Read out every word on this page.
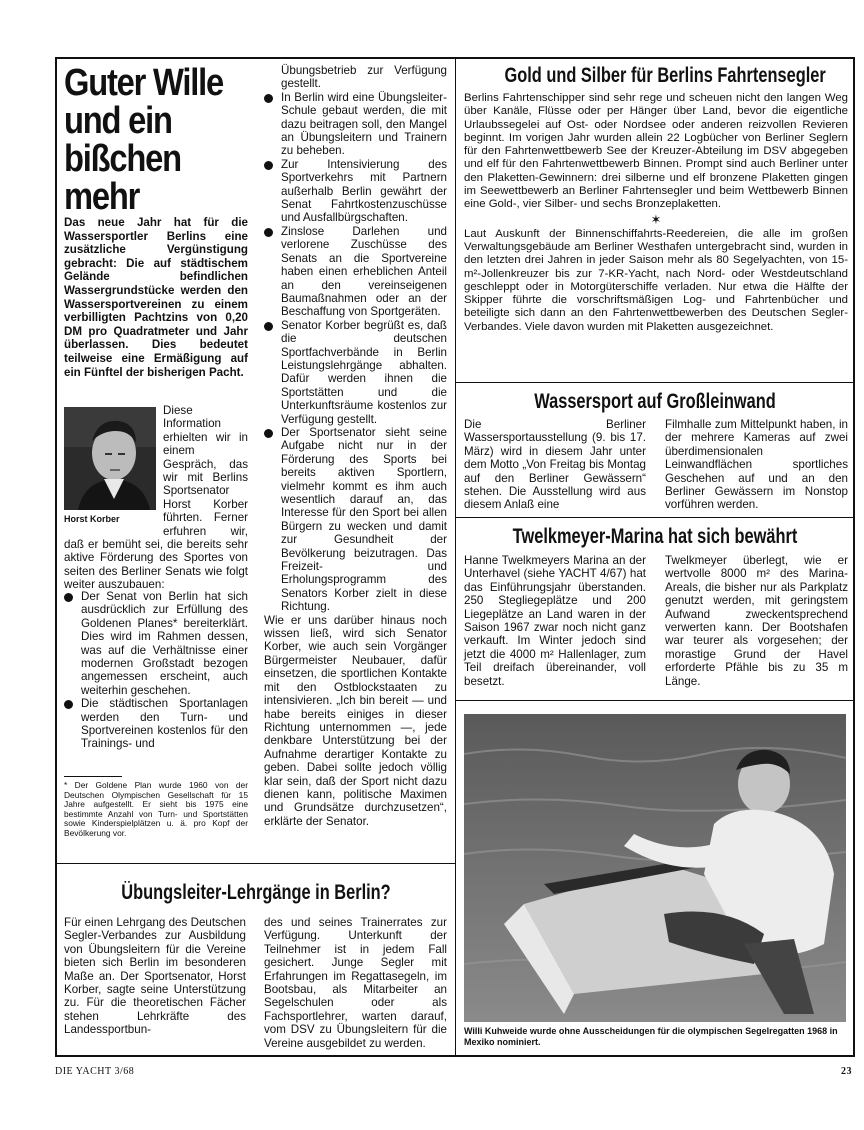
Guter Wille und ein bißchen mehr
Das neue Jahr hat für die Wassersportler Berlins eine zusätzliche Vergünstigung gebracht: Die auf städtischem Gelände befindlichen Wassergrundstücke werden den Wassersportvereinen zu einem verbilligten Pachtzins von 0,20 DM pro Quadratmeter und Jahr überlassen. Dies bedeutet teilweise eine Ermäßigung auf ein Fünftel der bisherigen Pacht.
Horst Korber
Diese Information erhielten wir in einem Gespräch, das wir mit Berlins Sportsenator Horst Korber führten. Ferner erfuhren wir, daß er bemüht sei, die bereits sehr aktive Förderung des Sportes von seiten des Berliner Senats wie folgt weiter auszubauen:

Der Senat von Berlin hat sich ausdrücklich zur Erfüllung des Goldenen Planes* bereiterklärt. Dies wird im Rahmen dessen, was auf die Verhältnisse einer modernen Großstadt bezogen angemessen erscheint, auch weiterhin geschehen.

Die städtischen Sportanlagen werden den Turn- und Sportvereinen kostenlos für den Trainings- und

* Der Goldene Plan wurde 1960 von der Deutschen Olympischen Gesellschaft für 15 Jahre aufgestellt. Er sieht bis 1975 eine bestimmte Anzahl von Turn- und Sportstätten sowie Kinderspielplätzen u. ä. pro Kopf der Bevölkerung vor.

Übungsbetrieb zur Verfügung gestellt.

In Berlin wird eine Übungsleiter-Schule gebaut werden, die mit dazu beitragen soll, den Mangel an Übungsleitern und Trainern zu beheben.

Zur Intensivierung des Sportverkehrs mit Partnern außerhalb Berlin gewährt der Senat Fahrtkostenzuschüsse und Ausfallbürgschaften.

Zinslose Darlehen und verlorene Zuschüsse des Senats an die Sportvereine haben einen erheblichen Anteil an den vereinseigenen Baumaßnahmen oder an der Beschaffung von Sportgeräten.

Senator Korber begrüßt es, daß die deutschen Sportfachverbände in Berlin Leistungslehrgänge abhalten. Dafür werden ihnen die Sportstätten und die Unterkunftsräume kostenlos zur Verfügung gestellt.

Der Sportsenator sieht seine Aufgabe nicht nur in der Förderung des Sports bei bereits aktiven Sportlern, vielmehr kommt es ihm auch wesentlich darauf an, das Interesse für den Sport bei allen Bürgern zu wecken und damit zur Gesundheit der Bevölkerung beizutragen. Das Freizeit- und Erholungsprogramm des Senators Korber zielt in diese Richtung.

Wie er uns darüber hinaus noch wissen ließ, wird sich Senator Korber, wie auch sein Vorgänger Bürgermeister Neubauer, dafür einsetzen, die sportlichen Kontakte mit den Ostblockstaaten zu intensivieren. „Ich bin bereit — und habe bereits einiges in dieser Richtung unternommen —, jede denkbare Unterstützung bei der Aufnahme derartiger Kontakte zu geben. Dabei sollte jedoch völlig klar sein, daß der Sport nicht dazu dienen kann, politische Maximen und Grundsätze durchzusetzen“, erklärte der Senator.

Gold und Silber für Berlins Fahrtensegler

Berlins Fahrtenschipper sind sehr rege und scheuen nicht den langen Weg über Kanäle, Flüsse oder per Hänger über Land, bevor die eigentliche Urlaubssegelei auf Ost- oder Nordsee oder anderen reizvollen Revieren beginnt. Im vorigen Jahr wurden allein 22 Logbücher von Berliner Seglern für den Fahrtenwettbewerb See der Kreuzer-Abteilung im DSV abgegeben und elf für den Fahrtenwettbewerb Binnen. Prompt sind auch Berliner unter den Plaketten-Gewinnern: drei silberne und elf bronzene Plaketten gingen im Seewettbewerb an Berliner Fahrtensegler und beim Wettbewerb Binnen eine Gold-, vier Silber- und sechs Bronzeplaketten.

✶

Laut Auskunft der Binnenschiffahrts-Reedereien, die alle im großen Verwaltungsgebäude am Berliner Westhafen untergebracht sind, wurden in den letzten drei Jahren in jeder Saison mehr als 80 Segelyachten, von 15-m²-Jollenkreuzer bis zur 7-KR-Yacht, nach Nord- oder Westdeutschland geschleppt oder in Motorgüterschiffe verladen. Nur etwa die Hälfte der Skipper führte die vorschriftsmäßigen Log- und Fahrtenbücher und beteiligte sich dann an den Fahrtenwettbewerben des Deutschen Segler-Verbandes. Viele davon wurden mit Plaketten ausgezeichnet.

Wassersport auf Großleinwand
Die Berliner Wassersportausstellung (9. bis 17. März) wird in diesem Jahr unter dem Motto „Von Freitag bis Montag auf den Berliner Gewässern“ stehen. Die Ausstellung wird aus diesem Anlaß eine
Filmhalle zum Mittelpunkt haben, in der mehrere Kameras auf zwei überdimensionalen Leinwandflächen sportliches Geschehen auf und an den Berliner Gewässern im Nonstop vorführen werden.
Twelkmeyer-Marina hat sich bewährt
Hanne Twelkmeyers Marina an der Unterhavel (siehe YACHT 4/67) hat das Einführungsjahr überstanden. 250 Stegliegeplätze und 200 Liegeplätze an Land waren in der Saison 1967 zwar noch nicht ganz verkauft. Im Winter jedoch sind jetzt die 4000 m² Hallenlager, zum Teil dreifach übereinander, voll besetzt.
Twelkmeyer überlegt, wie er wertvolle 8000 m² des Marina-Areals, die bisher nur als Parkplatz genutzt werden, mit geringstem Aufwand zweckentsprechend verwerten kann. Der Bootshafen war teurer als vorgesehen; der morastige Grund der Havel erforderte Pfähle bis zu 35 m Länge.
Willi Kuhweide wurde ohne Ausscheidungen für die olympischen Segelregatten 1968 in Mexiko nominiert.
Übungsleiter-Lehrgänge in Berlin?
Für einen Lehrgang des Deutschen Segler-Verbandes zur Ausbildung von Übungsleitern für die Vereine bieten sich Berlin im besonderen Maße an. Der Sportsenator, Horst Korber, sagte seine Unterstützung zu. Für die theoretischen Fächer stehen Lehrkräfte des Landessportbun-
des und seines Trainerrates zur Verfügung. Unterkunft der Teilnehmer ist in jedem Fall gesichert. Junge Segler mit Erfahrungen im Regattasegeln, im Bootsbau, als Mitarbeiter an Segelschulen oder als Fachsportlehrer, warten darauf, vom DSV zu Übungsleitern für die Vereine ausgebildet zu werden.
DIE YACHT 3/68	23
